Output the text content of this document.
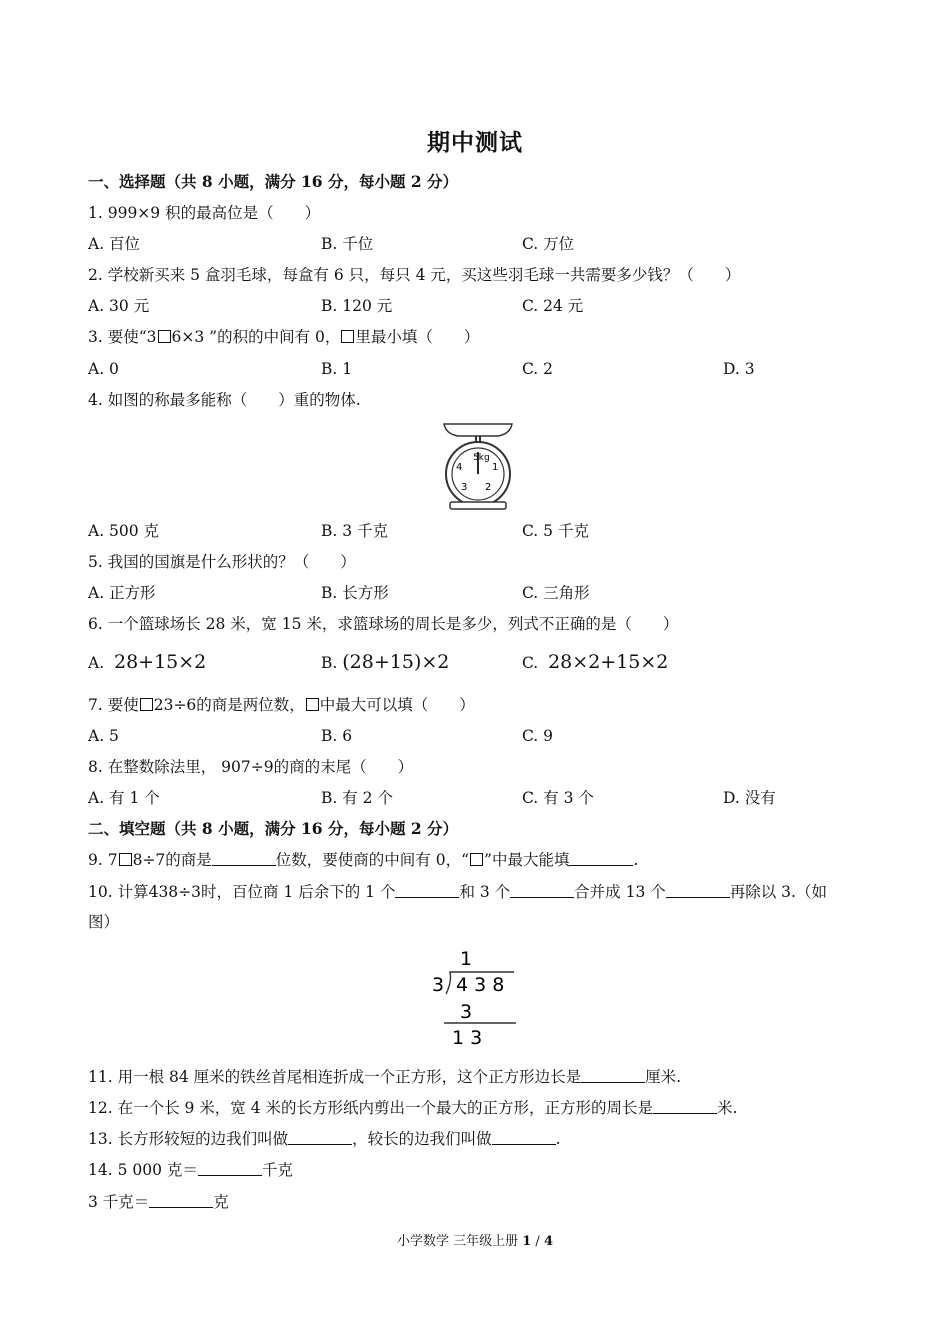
期中测试
一、选择题（共 8 小题，满分 16 分，每小题 2 分）
1. 999×9 积的最高位是（　　）
A. 百位	B. 千位	C. 万位
2. 学校新买来 5 盒羽毛球，每盒有 6 只，每只 4 元，买这些羽毛球一共需要多少钱？（　　）
A. 30 元	B. 120 元	C. 24 元
3. 要使“3 6×3 ”的积的中间有 0， 里最小填（　　）
A. 0	B. 1	C. 2	D. 3
4. 如图的称最多能称（　　）重的物体.
5kg
1
2
3
4
A. 500 克	B. 3 千克	C. 5 千克
5. 我国的国旗是什么形状的？（　　）
A. 正方形	B. 长方形	C. 三角形
6. 一个篮球场长 28 米，宽 15 米，求篮球场的周长是多少，列式不正确的是（　　）
A. 28+15×2	B. (28+15)×2	C. 28×2+15×2
7. 要使 23÷6的商是两位数， 中最大可以填（　　）
A. 5	B. 6	C. 9
8. 在整数除法里， 907÷9的商的末尾（　　）
A. 有 1 个	B. 有 2 个	C. 有 3 个	D. 没有
二、填空题（共 8 小题，满分 16 分，每小题 2 分）
9. 7 8÷7的商是	位数，要使商的中间有 0，“ ”中最大能填	.
10. 计算438÷3时，百位商 1 后余下的 1 个	和 3 个	合并成 13 个	再除以 3.（如
图）
1
3 4 3 8
3
1 3
11. 用一根 84 厘米的铁丝首尾相连折成一个正方形，这个正方形边长是	厘米.
12. 在一个长 9 米，宽 4 米的长方形纸内剪出一个最大的正方形，正方形的周长是	米.
13. 长方形较短的边我们叫做	，较长的边我们叫做	.
14. 5 000 克＝	千克
3 千克＝	克
小学数学 三年级上册 1 / 4
